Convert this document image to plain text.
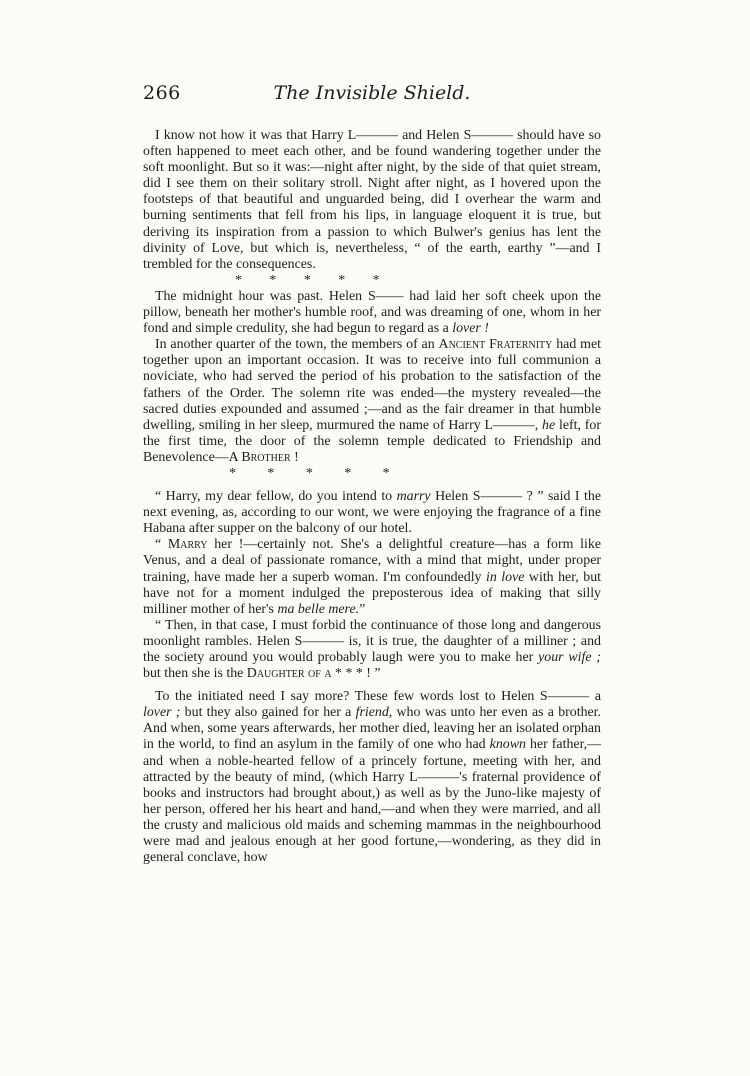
266	The Invisible Shield.

I know not how it was that Harry L——— and Helen S——— should have so often happened to meet each other, and be found wandering together under the soft moonlight. But so it was:—night after night, by the side of that quiet stream, did I see them on their solitary stroll. Night after night, as I hovered upon the footsteps of that beautiful and unguarded being, did I overhear the warm and burning sentiments that fell from his lips, in language eloquent it is true, but deriving its inspiration from a passion to which Bulwer's genius has lent the divinity of Love, but which is, nevertheless, “ of the earth, earthy ”—and I trembled for the consequences.

* * * * *

The midnight hour was past. Helen S—— had laid her soft cheek upon the pillow, beneath her mother's humble roof, and was dreaming of one, whom in her fond and simple credulity, she had begun to regard as a lover !

In another quarter of the town, the members of an Ancient Fraternity had met together upon an important occasion. It was to receive into full communion a noviciate, who had served the period of his probation to the satisfaction of the fathers of the Order. The solemn rite was ended—the mystery revealed—the sacred duties expounded and assumed ;—and as the fair dreamer in that humble dwelling, smiling in her sleep, murmured the name of Harry L———, he left, for the first time, the door of the solemn temple dedicated to Friendship and Benevolence—A Brother !

* * * * *

“ Harry, my dear fellow, do you intend to marry Helen S——— ? ” said I the next evening, as, according to our wont, we were enjoying the fragrance of a fine Habana after supper on the balcony of our hotel.

“ Marry her !—certainly not. She's a delightful creature—has a form like Venus, and a deal of passionate romance, with a mind that might, under proper training, have made her a superb woman. I'm confoundedly in love with her, but have not for a moment indulged the preposterous idea of making that silly milliner mother of her's ma belle mere.”

“ Then, in that case, I must forbid the continuance of those long and dangerous moonlight rambles. Helen S——— is, it is true, the daughter of a milliner ; and the society around you would probably laugh were you to make her your wife ; but then she is the Daughter of a * * * ! ”

To the initiated need I say more? These few words lost to Helen S——— a lover ; but they also gained for her a friend, who was unto her even as a brother. And when, some years afterwards, her mother died, leaving her an isolated orphan in the world, to find an asylum in the family of one who had known her father,—and when a noble-hearted fellow of a princely fortune, meeting with her, and attracted by the beauty of mind, (which Harry L———'s fraternal providence of books and instructors had brought about,) as well as by the Juno-like majesty of her person, offered her his heart and hand,—and when they were married, and all the crusty and malicious old maids and scheming mammas in the neighbourhood were mad and jealous enough at her good fortune,—wondering, as they did in general conclave, how
